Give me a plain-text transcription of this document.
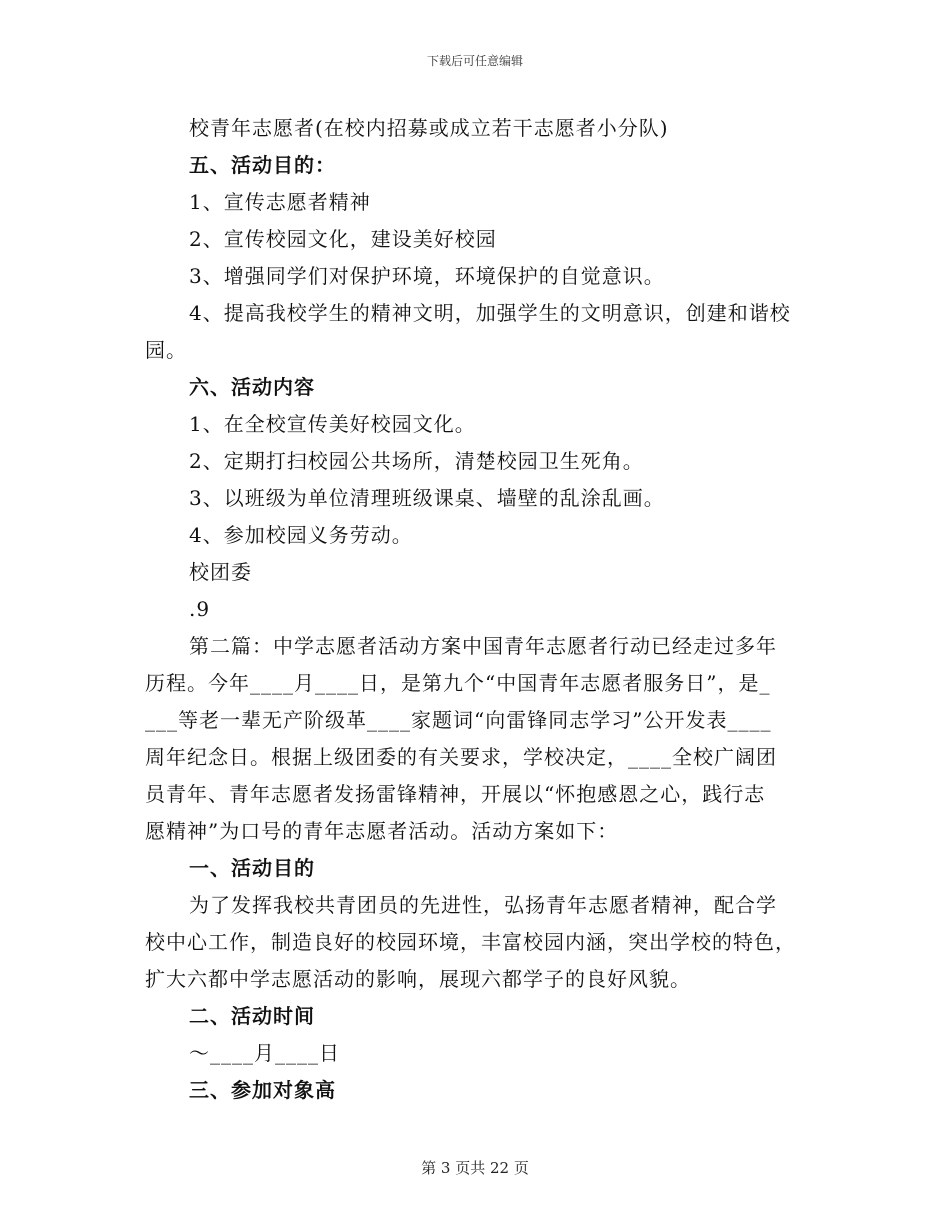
下载后可任意编辑
校青年志愿者(在校内招募或成立若干志愿者小分队)
五、活动目的：
1、宣传志愿者精神
2、宣传校园文化，建设美好校园
3、增强同学们对保护环境，环境保护的自觉意识。
4、提高我校学生的精神文明，加强学生的文明意识，创建和谐校
园。
六、活动内容
1、在全校宣传美好校园文化。
2、定期打扫校园公共场所，清楚校园卫生死角。
3、以班级为单位清理班级课桌、墙壁的乱涂乱画。
4、参加校园义务劳动。
校团委
.9
第二篇：中学志愿者活动方案中国青年志愿者行动已经走过多年
历程。今年____月____日，是第九个“中国青年志愿者服务日”，是_
___等老一辈无产阶级革____家题词“向雷锋同志学习”公开发表____
周年纪念日。根据上级团委的有关要求，学校决定，____全校广阔团
员青年、青年志愿者发扬雷锋精神，开展以“怀抱感恩之心，践行志
愿精神”为口号的青年志愿者活动。活动方案如下：
一、活动目的
为了发挥我校共青团员的先进性，弘扬青年志愿者精神，配合学
校中心工作，制造良好的校园环境，丰富校园内涵，突出学校的特色，
扩大六都中学志愿活动的影响，展现六都学子的良好风貌。
二、活动时间
～____月____日
三、参加对象高
第 3 页共 22 页
